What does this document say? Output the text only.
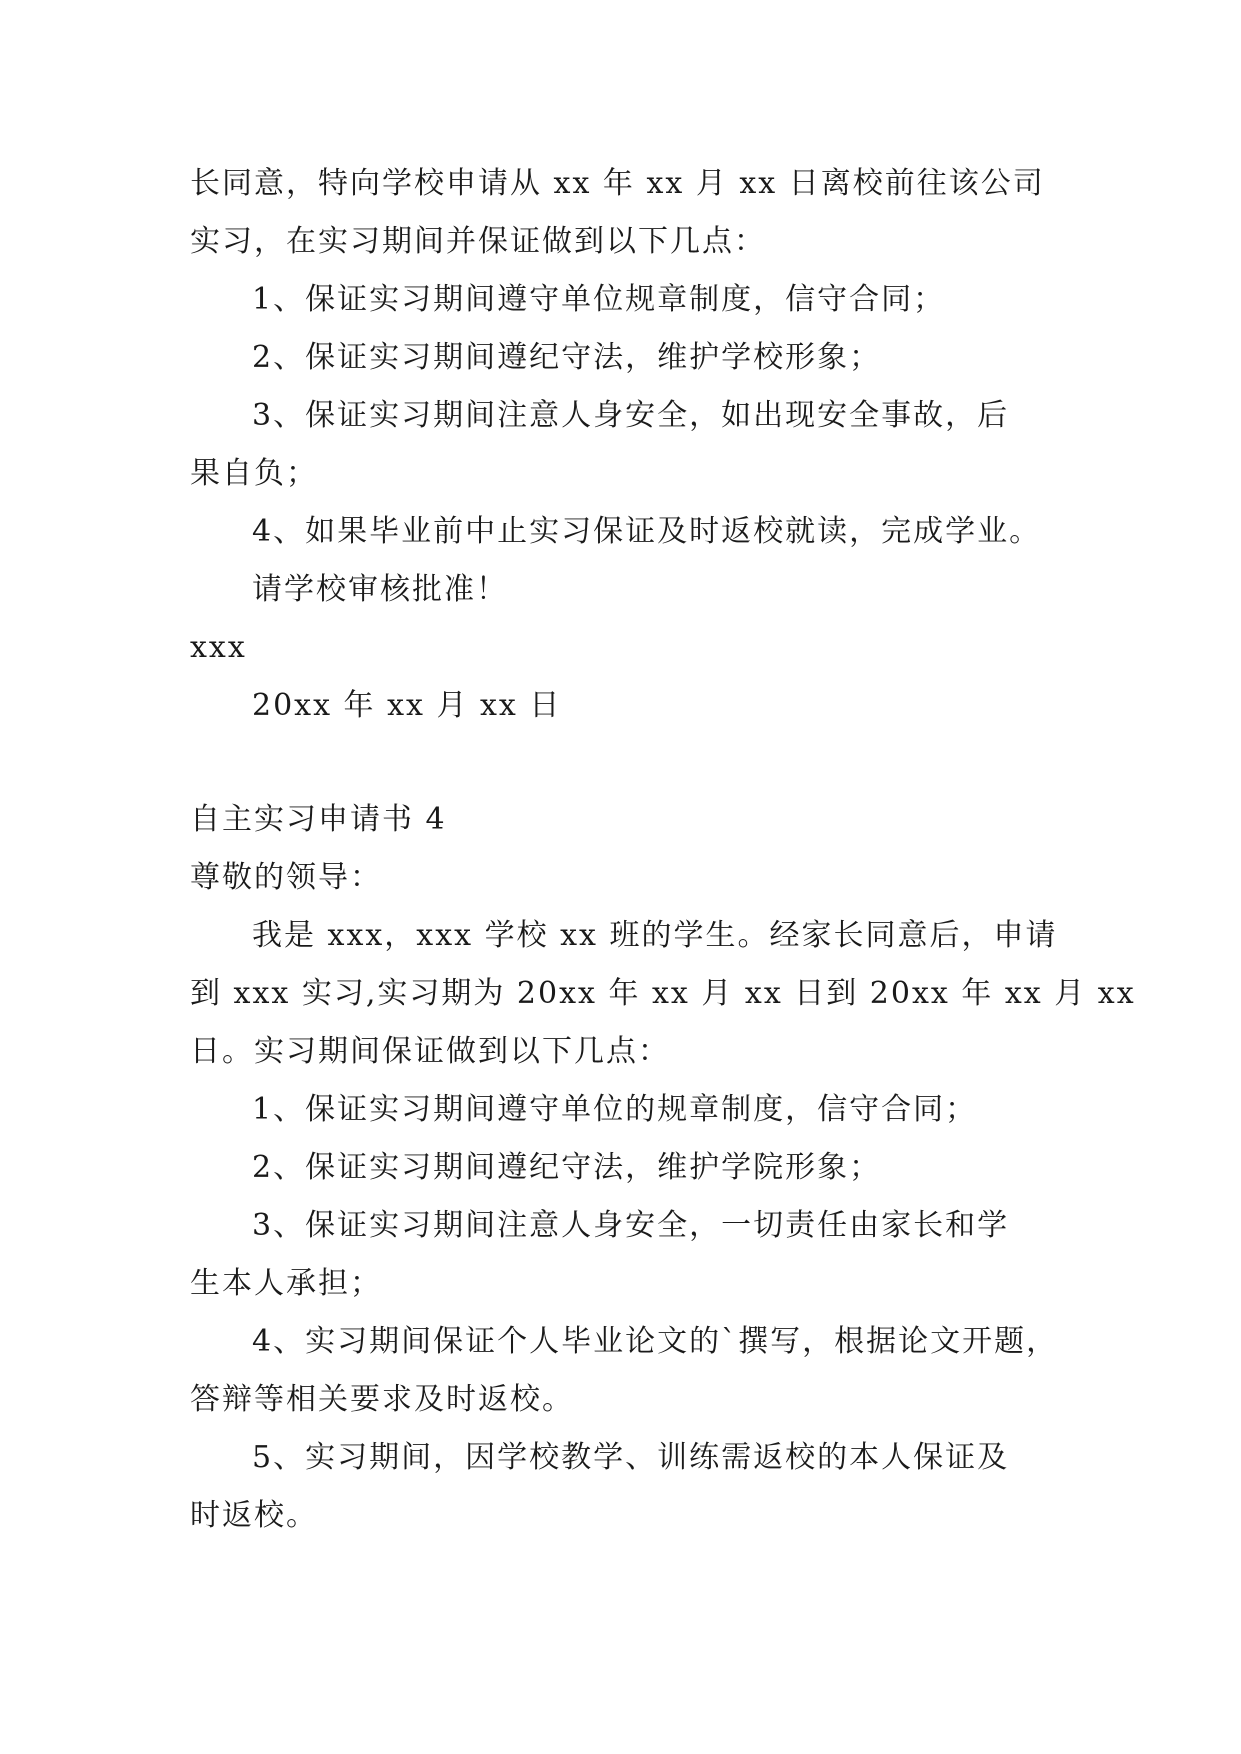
长同意，特向学校申请从 xx 年 xx 月 xx 日离校前往该公司
实习，在实习期间并保证做到以下几点：
1、保证实习期间遵守单位规章制度，信守合同；
2、保证实习期间遵纪守法，维护学校形象；
3、保证实习期间注意人身安全，如出现安全事故，后
果自负；
4、如果毕业前中止实习保证及时返校就读，完成学业。
请学校审核批准！
xxx
20xx 年 xx 月 xx 日
自主实习申请书 4
尊敬的领导：
我是 xxx，xxx 学校 xx 班的学生。经家长同意后，申请
到 xxx 实习,实习期为 20xx 年 xx 月 xx 日到 20xx 年 xx 月 xx
日。实习期间保证做到以下几点：
1、保证实习期间遵守单位的规章制度，信守合同；
2、保证实习期间遵纪守法，维护学院形象；
3、保证实习期间注意人身安全，一切责任由家长和学
生本人承担；
4、实习期间保证个人毕业论文的`撰写，根据论文开题，
答辩等相关要求及时返校。
5、实习期间，因学校教学、训练需返校的本人保证及
时返校。
